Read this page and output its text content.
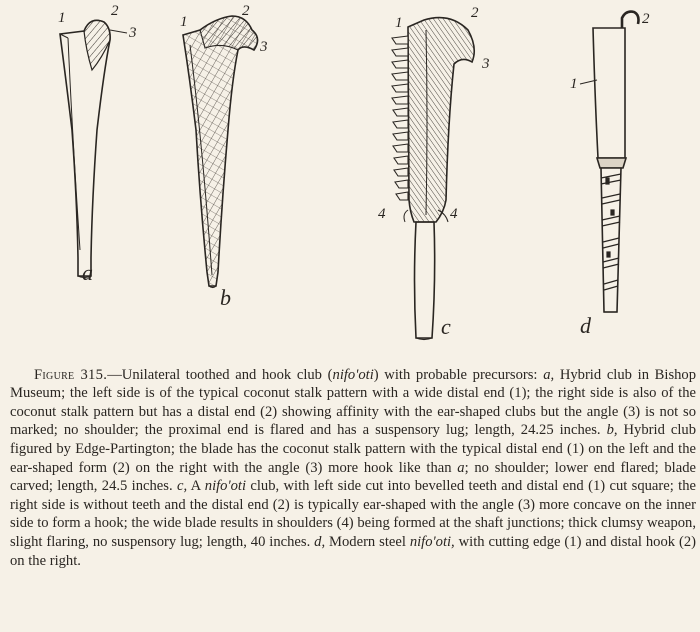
1	2
3
a
1
2
3
b
1
2
3
4	4
c
1
2
d

Figure 315.—Unilateral toothed and hook club (nifo'oti) with probable precursors: a, Hybrid club in Bishop Museum; the left side is of the typical coconut stalk pattern with a wide distal end (1); the right side is also of the coconut stalk pattern but has a distal end (2) showing affinity with the ear-shaped clubs but the angle (3) is not so marked; no shoulder; the proximal end is flared and has a suspensory lug; length, 24.25 inches. b, Hybrid club figured by Edge-Partington; the blade has the coconut stalk pattern with the typical distal end (1) on the left and the ear-shaped form (2) on the right with the angle (3) more hook like than a; no shoulder; lower end flared; blade carved; length, 24.5 inches. c, A nifo'oti club, with left side cut into bevelled teeth and distal end (1) cut square; the right side is without teeth and the distal end (2) is typically ear-shaped with the angle (3) more concave on the inner side to form a hook; the wide blade results in shoulders (4) being formed at the shaft junctions; thick clumsy weapon, slight flaring, no suspensory lug; length, 40 inches. d, Modern steel nifo'oti, with cutting edge (1) and distal hook (2) on the right.
